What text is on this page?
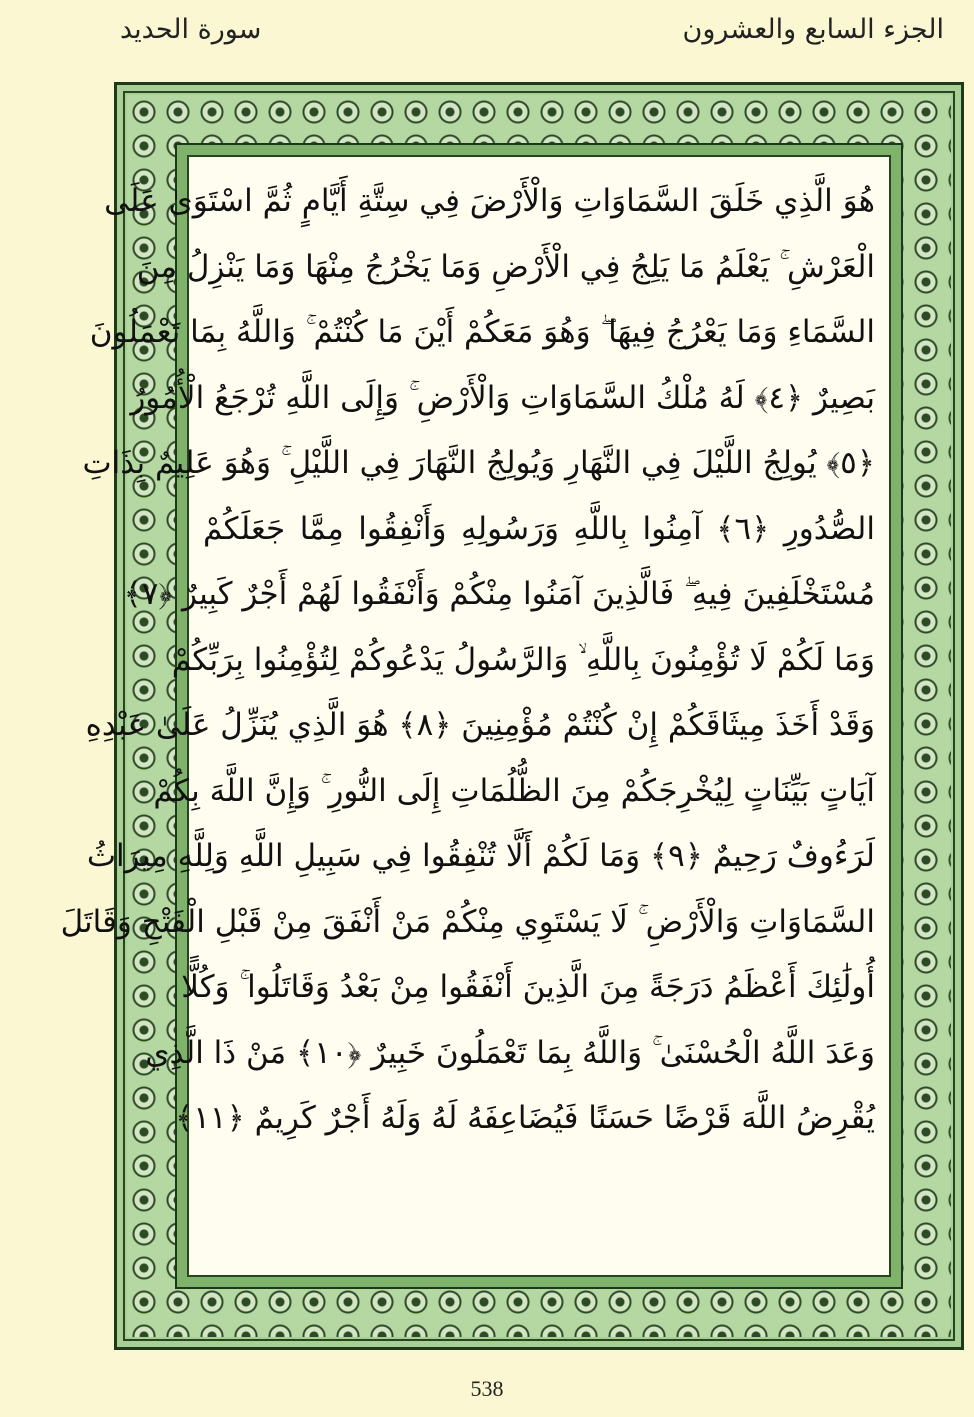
سورة الحديد	الجزء السابع والعشرون
هُوَ الَّذِي خَلَقَ السَّمَاوَاتِ وَالْأَرْضَ فِي سِتَّةِ أَيَّامٍ ثُمَّ اسْتَوَىٰ عَلَى
الْعَرْشِ ۚ يَعْلَمُ مَا يَلِجُ فِي الْأَرْضِ وَمَا يَخْرُجُ مِنْهَا وَمَا يَنْزِلُ مِنَ
السَّمَاءِ وَمَا يَعْرُجُ فِيهَا ۖ وَهُوَ مَعَكُمْ أَيْنَ مَا كُنْتُمْ ۚ وَاللَّهُ بِمَا تَعْمَلُونَ
بَصِيرٌ ﴿٤﴾ لَهُ مُلْكُ السَّمَاوَاتِ وَالْأَرْضِ ۚ وَإِلَى اللَّهِ تُرْجَعُ الْأُمُورُ
﴿٥﴾ يُولِجُ اللَّيْلَ فِي النَّهَارِ وَيُولِجُ النَّهَارَ فِي اللَّيْلِ ۚ وَهُوَ عَلِيمٌ بِذَاتِ
الصُّدُورِ ﴿٦﴾ آمِنُوا بِاللَّهِ وَرَسُولِهِ وَأَنْفِقُوا مِمَّا جَعَلَكُمْ
مُسْتَخْلَفِينَ فِيهِ ۖ فَالَّذِينَ آمَنُوا مِنْكُمْ وَأَنْفَقُوا لَهُمْ أَجْرٌ كَبِيرٌ ﴿٧﴾
وَمَا لَكُمْ لَا تُؤْمِنُونَ بِاللَّهِ ۙ وَالرَّسُولُ يَدْعُوكُمْ لِتُؤْمِنُوا بِرَبِّكُمْ
وَقَدْ أَخَذَ مِيثَاقَكُمْ إِنْ كُنْتُمْ مُؤْمِنِينَ ﴿٨﴾ هُوَ الَّذِي يُنَزِّلُ عَلَىٰ عَبْدِهِ
آيَاتٍ بَيِّنَاتٍ لِيُخْرِجَكُمْ مِنَ الظُّلُمَاتِ إِلَى النُّورِ ۚ وَإِنَّ اللَّهَ بِكُمْ
لَرَءُوفٌ رَحِيمٌ ﴿٩﴾ وَمَا لَكُمْ أَلَّا تُنْفِقُوا فِي سَبِيلِ اللَّهِ وَلِلَّهِ مِيرَاثُ
السَّمَاوَاتِ وَالْأَرْضِ ۚ لَا يَسْتَوِي مِنْكُمْ مَنْ أَنْفَقَ مِنْ قَبْلِ الْفَتْحِ وَقَاتَلَ
أُولَٰئِكَ أَعْظَمُ دَرَجَةً مِنَ الَّذِينَ أَنْفَقُوا مِنْ بَعْدُ وَقَاتَلُوا ۚ وَكُلًّا
وَعَدَ اللَّهُ الْحُسْنَىٰ ۚ وَاللَّهُ بِمَا تَعْمَلُونَ خَبِيرٌ ﴿١٠﴾ مَنْ ذَا الَّذِي
يُقْرِضُ اللَّهَ قَرْضًا حَسَنًا فَيُضَاعِفَهُ لَهُ وَلَهُ أَجْرٌ كَرِيمٌ ﴿١١﴾
538
